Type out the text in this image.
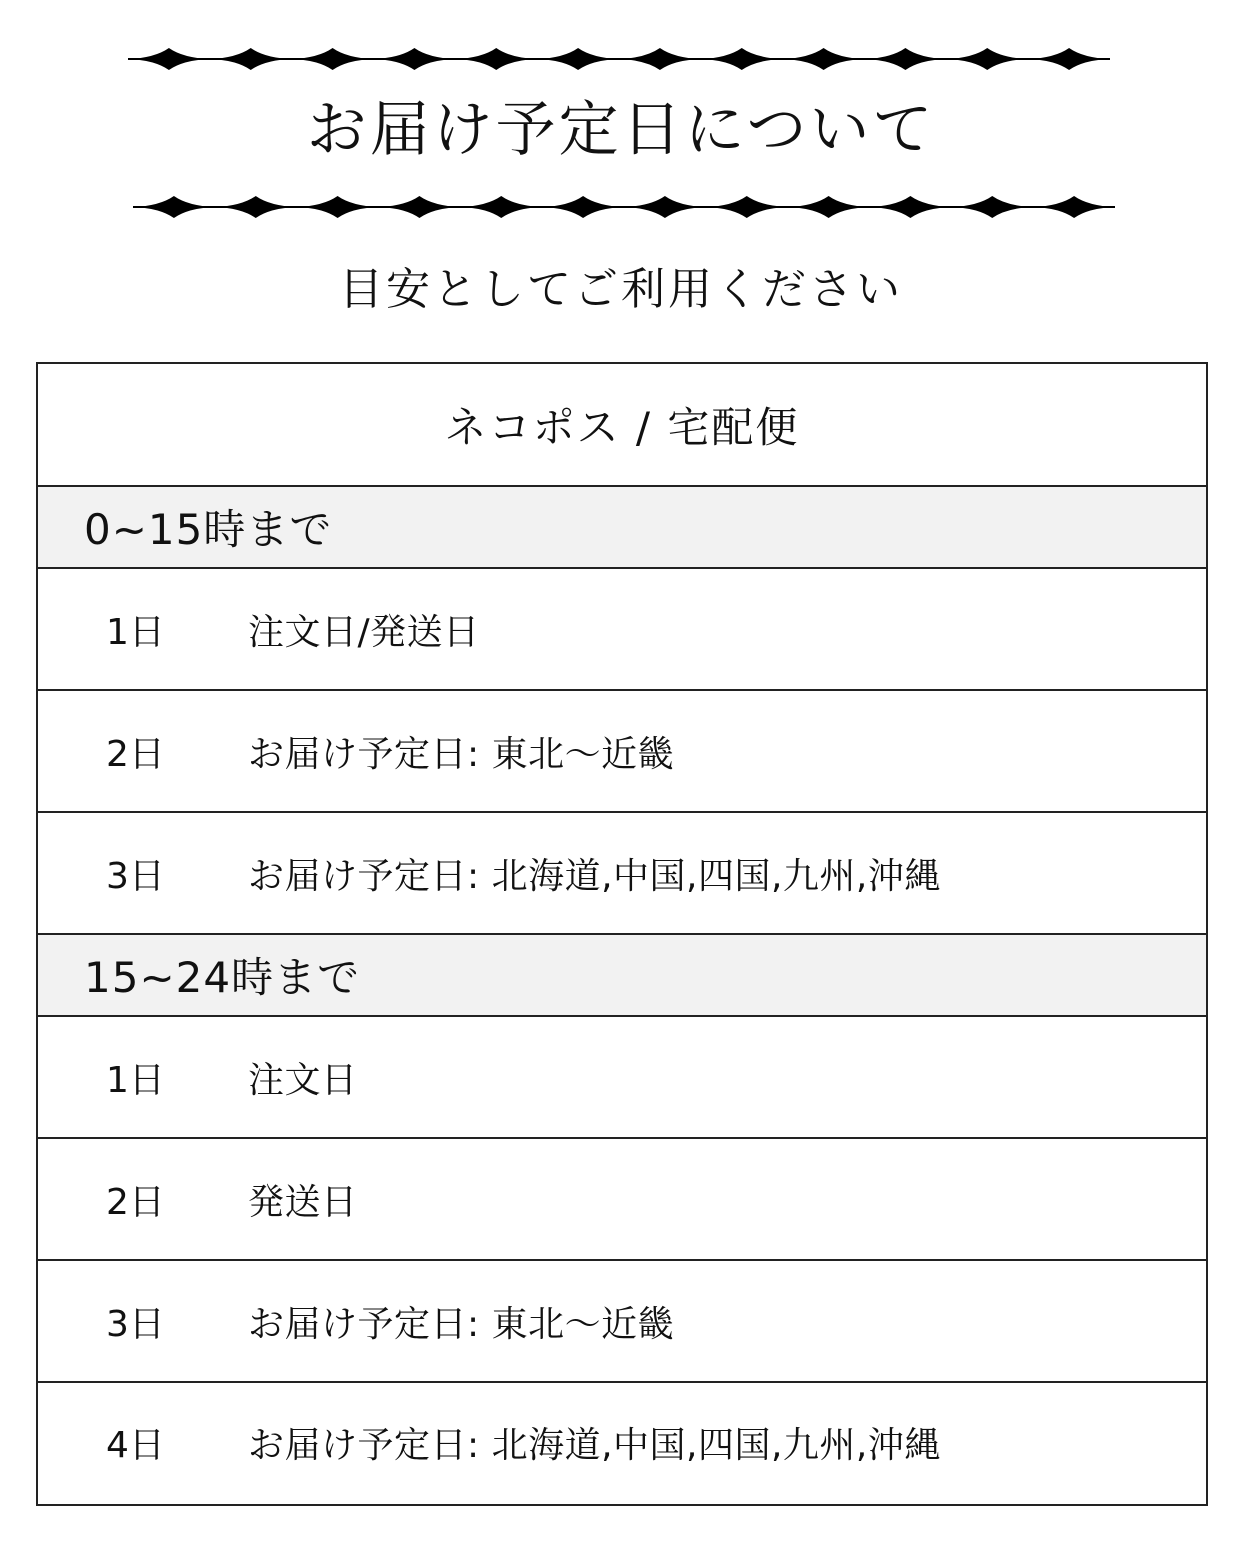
お届け予定日について

目安としてご利用ください

ネコポス / 宅配便
0~15時まで
1日	注文日/発送日
2日	お届け予定日: 東北〜近畿
3日	お届け予定日: 北海道,中国,四国,九州,沖縄
15~24時まで
1日	注文日
2日	発送日
3日	お届け予定日: 東北〜近畿
4日	お届け予定日: 北海道,中国,四国,九州,沖縄
